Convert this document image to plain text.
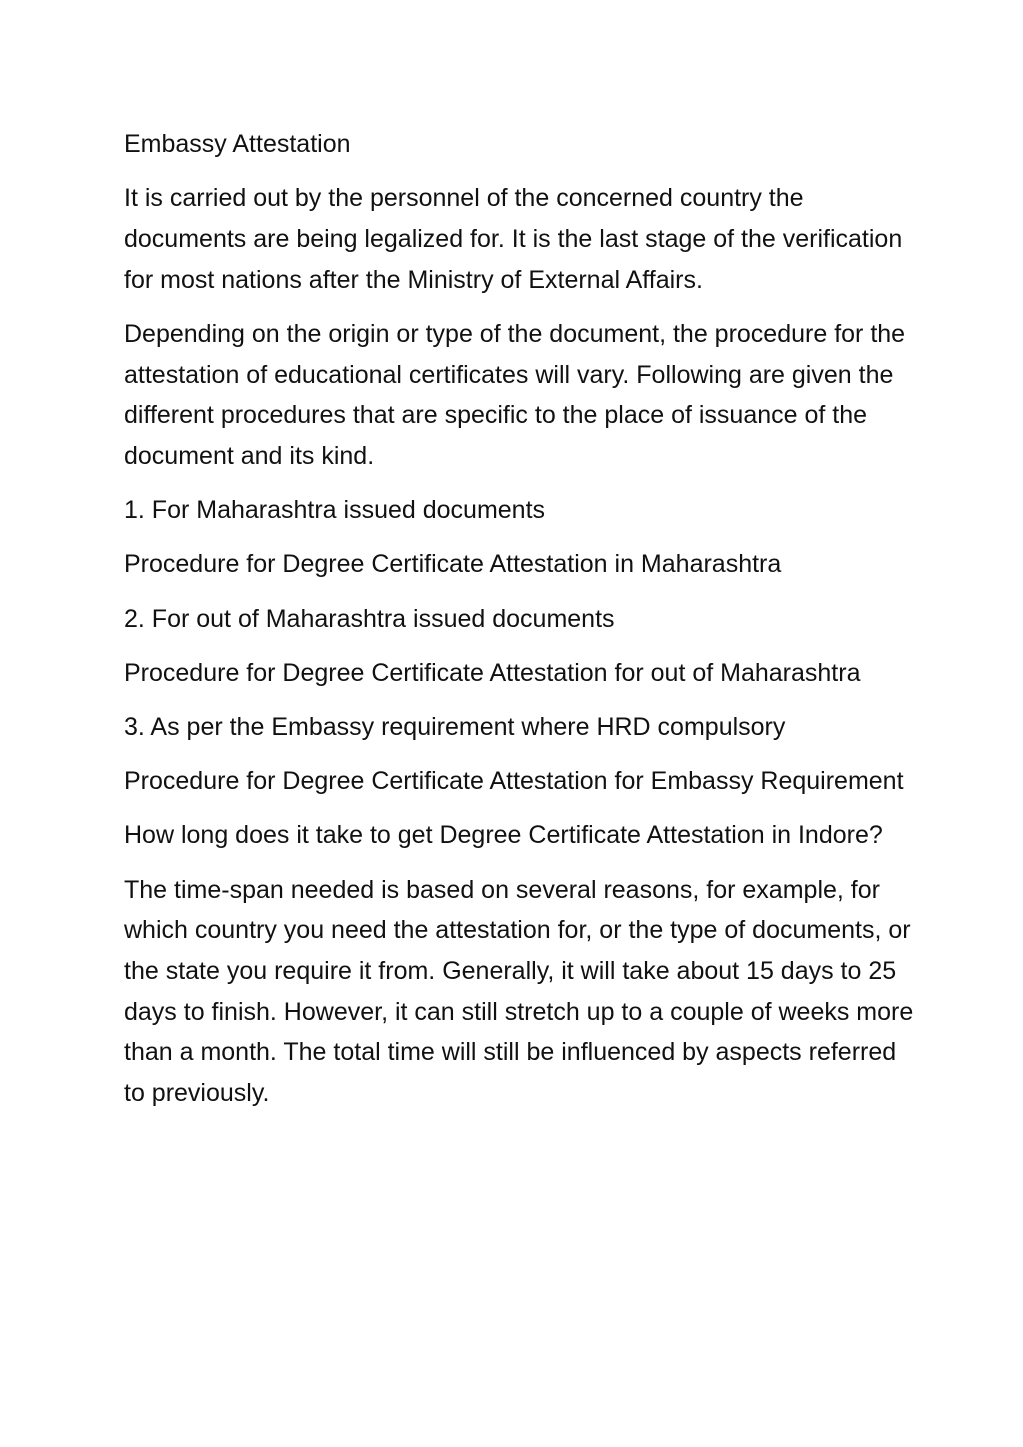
Embassy Attestation

It is carried out by the personnel of the concerned country the documents are being legalized for. It is the last stage of the verification for most nations after the Ministry of External Affairs.

Depending on the origin or type of the document, the procedure for the attestation of educational certificates will vary. Following are given the different procedures that are specific to the place of issuance of the document and its kind.

1. For Maharashtra issued documents

Procedure for Degree Certificate Attestation in Maharashtra

2. For out of Maharashtra issued documents

Procedure for Degree Certificate Attestation for out of Maharashtra

3. As per the Embassy requirement where HRD compulsory

Procedure for Degree Certificate Attestation for Embassy Requirement

How long does it take to get Degree Certificate Attestation in Indore?

The time-span needed is based on several reasons, for example, for which country you need the attestation for, or the type of documents, or the state you require it from. Generally, it will take about 15 days to 25 days to finish. However, it can still stretch up to a couple of weeks more than a month. The total time will still be influenced by aspects referred to previously.
